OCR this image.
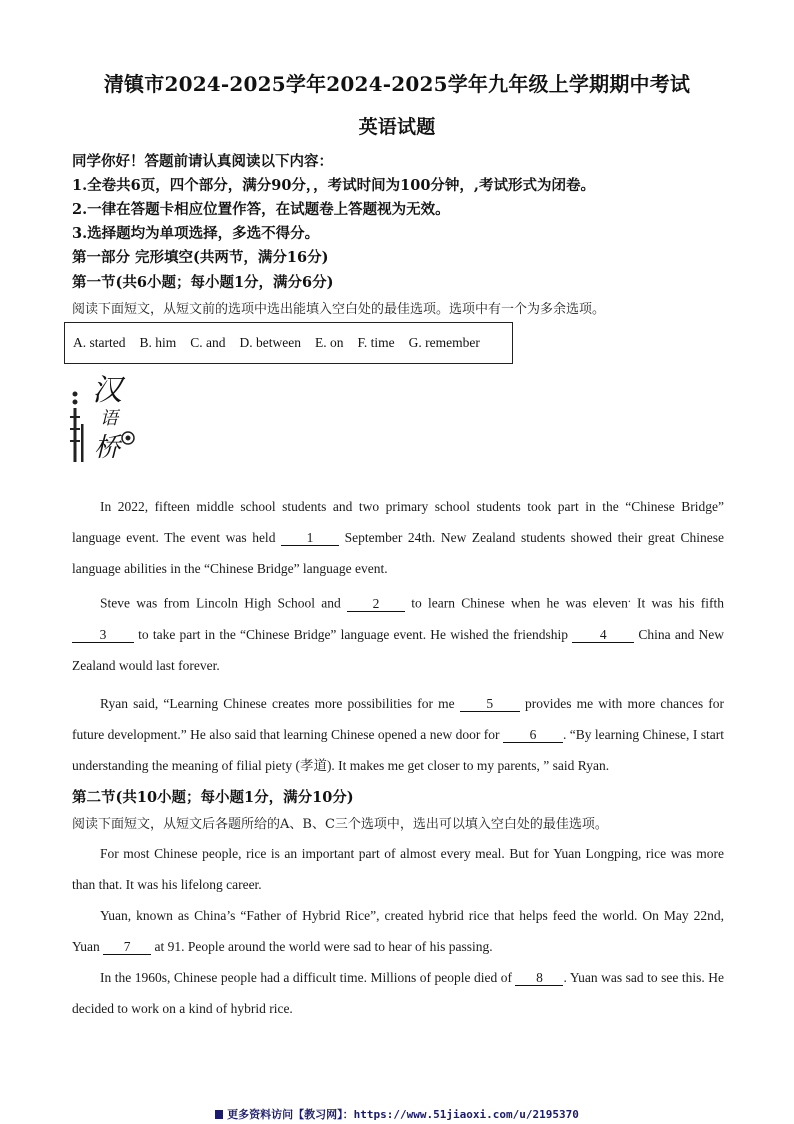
清镇市2024-2025学年2024-2025学年九年级上学期期中考试
英语试题
同学你好！答题前请认真阅读以下内容：
1.全卷共6页，四个部分，满分90分，，考试时间为100分钟，,考试形式为闭卷。
2.一律在答题卡相应位置作答，在试题卷上答题视为无效。
3.选择题均为单项选择，多选不得分。
第一部分 完形填空(共两节，满分16分)
第一节(共6小题；每小题1分，满分6分)
阅读下面短文，从短文前的选项中选出能填入空白处的最佳选项。选项中有一个为多余选项。
A. started B. him C. and D. between E. on F. time G. remember
汉
语
桥
In 2022, fifteen middle school students and two primary school students took part in the “Chinese Bridge” language event. The event was held 1 September 24th. New Zealand students showed their great Chinese language abilities in the “Chinese Bridge” language event.
Steve was from Lincoln High School and 2 to learn Chinese when he was eleven. It was his fifth 3 to take part in the “Chinese Bridge” language event. He wished the friendship 4 China and New Zealand would last forever.
Ryan said, “Learning Chinese creates more possibilities for me 5 provides me with more chances for future development.” He also said that learning Chinese opened a new door for 6 . “By learning Chinese, I start understanding the meaning of filial piety (孝道). It makes me get closer to my parents, ” said Ryan.
第二节(共10小题；每小题1分，满分10分)
阅读下面短文，从短文后各题所给的A、B、C三个选项中，选出可以填入空白处的最佳选项。
For most Chinese people, rice is an important part of almost every meal. But for Yuan Longping, rice was more than that. It was his lifelong career.
Yuan, known as China’s “Father of Hybrid Rice”, created hybrid rice that helps feed the world. On May 22nd, Yuan 7 at 91. People around the world were sad to hear of his passing.
In the 1960s, Chinese people had a difficult time. Millions of people died of 8 . Yuan was sad to see this. He decided to work on a kind of hybrid rice.
更多资料访问【教习网】：https://www.51jiaoxi.com/u/2195370
